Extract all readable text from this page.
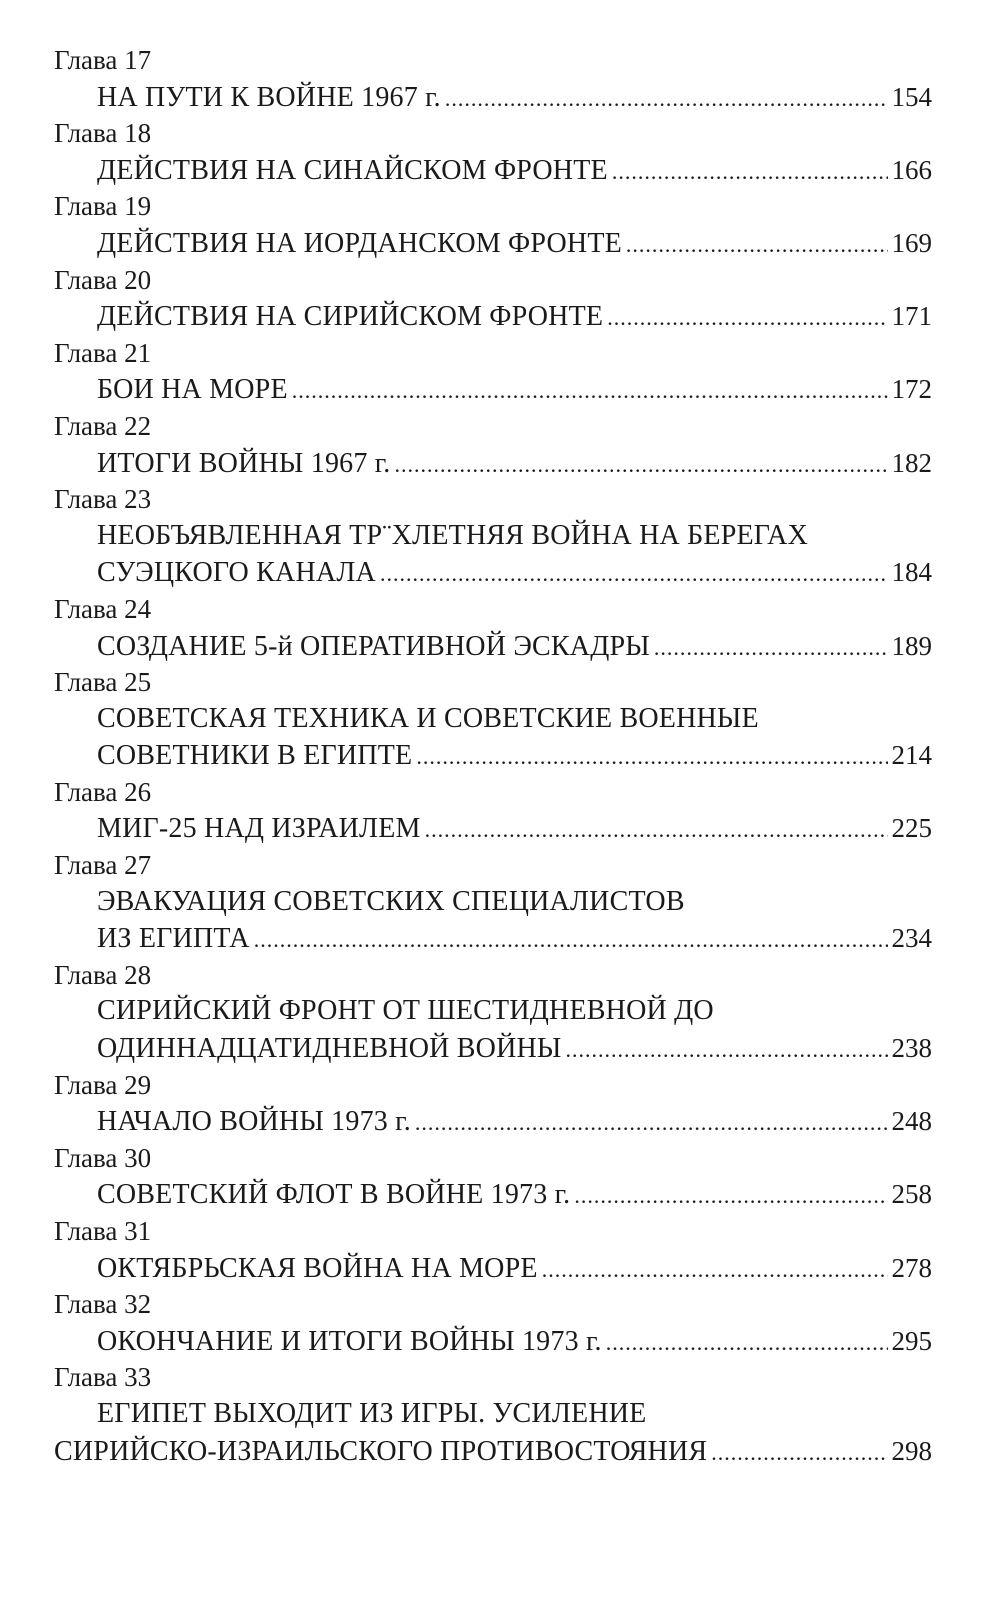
Глава 17
НА ПУТИ К ВОЙНЕ 1967 г. .....	154
Глава 18
ДЕЙСТВИЯ НА СИНАЙСКОМ ФРОНТЕ .....	166
Глава 19
ДЕЙСТВИЯ НА ИОРДАНСКОМ ФРОНТЕ .....	169
Глава 20
ДЕЙСТВИЯ НА СИРИЙСКОМ ФРОНТЕ .....	171
Глава 21
БОИ НА МОРЕ .....	172
Глава 22
ИТОГИ ВОЙНЫ 1967 г. .....	182
Глава 23
НЕОБЪЯВЛЕННАЯ ТР¨ХЛЕТНЯЯ ВОЙНА НА БЕРЕГАХ
СУЭЦКОГО КАНАЛА .....	184
Глава 24
СОЗДАНИЕ 5-й ОПЕРАТИВНОЙ ЭСКАДРЫ .....	189
Глава 25
СОВЕТСКАЯ ТЕХНИКА И СОВЕТСКИЕ ВОЕННЫЕ
СОВЕТНИКИ В ЕГИПТЕ .....	214
Глава 26
МИГ-25 НАД ИЗРАИЛЕМ .....	225
Глава 27
ЭВАКУАЦИЯ СОВЕТСКИХ СПЕЦИАЛИСТОВ
ИЗ ЕГИПТА .....	234
Глава 28
СИРИЙСКИЙ ФРОНТ ОТ ШЕСТИДНЕВНОЙ ДО
ОДИННАДЦАТИДНЕВНОЙ ВОЙНЫ .....	238
Глава 29
НАЧАЛО ВОЙНЫ 1973 г. .....	248
Глава 30
СОВЕТСКИЙ ФЛОТ В ВОЙНЕ 1973 г. .....	258
Глава 31
ОКТЯБРЬСКАЯ ВОЙНА НА МОРЕ .....	278
Глава 32
ОКОНЧАНИЕ И ИТОГИ ВОЙНЫ 1973 г. .....	295
Глава 33
ЕГИПЕТ ВЫХОДИТ ИЗ ИГРЫ. УСИЛЕНИЕ
СИРИЙСКО-ИЗРАИЛЬСКОГО ПРОТИВОСТОЯНИЯ .....	298
